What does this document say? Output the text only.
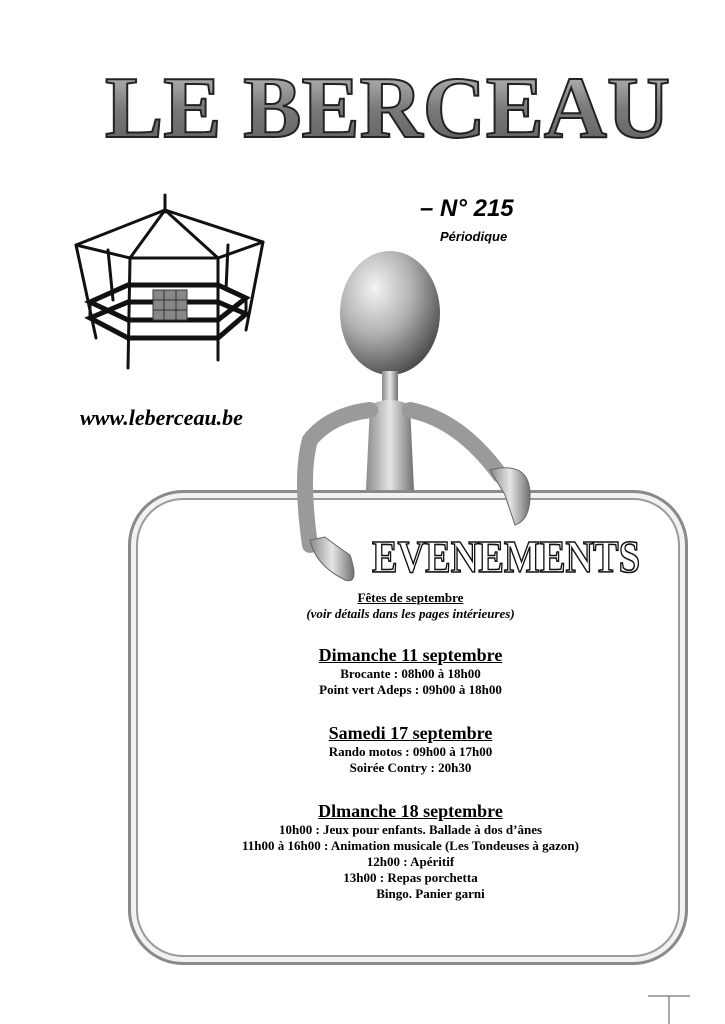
LE BERCEAU
– N° 215
Périodique
www.leberceau.be
EVENEMENTS
Fêtes de septembre
(voir détails dans les pages intérieures)
Dimanche 11 septembre
Brocante : 08h00 à 18h00
Point vert Adeps : 09h00 à 18h00
Samedi 17 septembre
Rando motos : 09h00 à 17h00
Soirée Contry : 20h30
Dlmanche 18 septembre
10h00 : Jeux pour enfants. Ballade à dos d’ânes
11h00 à 16h00 : Animation musicale (Les Tondeuses à gazon)
12h00 : Apéritif
13h00 : Repas porchetta
Bingo. Panier garni
